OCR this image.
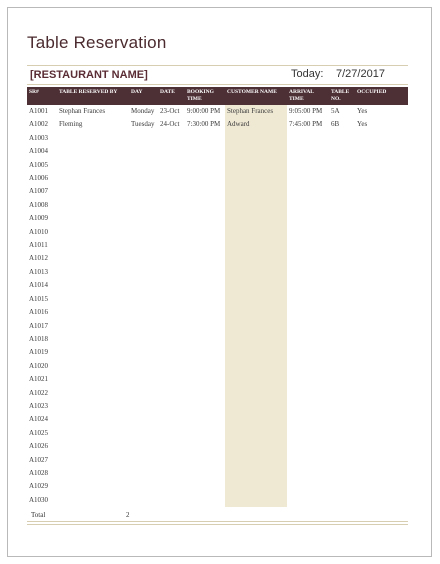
Table Reservation
[RESTAURANT NAME]	Today: 7/27/2017
SR#	TABLE RESERVED BY	DAY	DATE	BOOKING TIME	CUSTOMER NAME	ARRIVAL TIME	TABLE NO.	OCCUPIED
A1001	Stephan Frances	Monday	23-Oct	9:00:00 PM	Stephan Frances	9:05:00 PM	5A	Yes
A1002	Fleming	Tuesday	24-Oct	7:30:00 PM	Adward	7:45:00 PM	6B	Yes
A1003								
A1004								
A1005								
A1006								
A1007								
A1008								
A1009								
A1010								
A1011								
A1012								
A1013								
A1014								
A1015								
A1016								
A1017								
A1018								
A1019								
A1020								
A1021								
A1022								
A1023								
A1024								
A1025								
A1026								
A1027								
A1028								
A1029								
A1030								
Total	2
